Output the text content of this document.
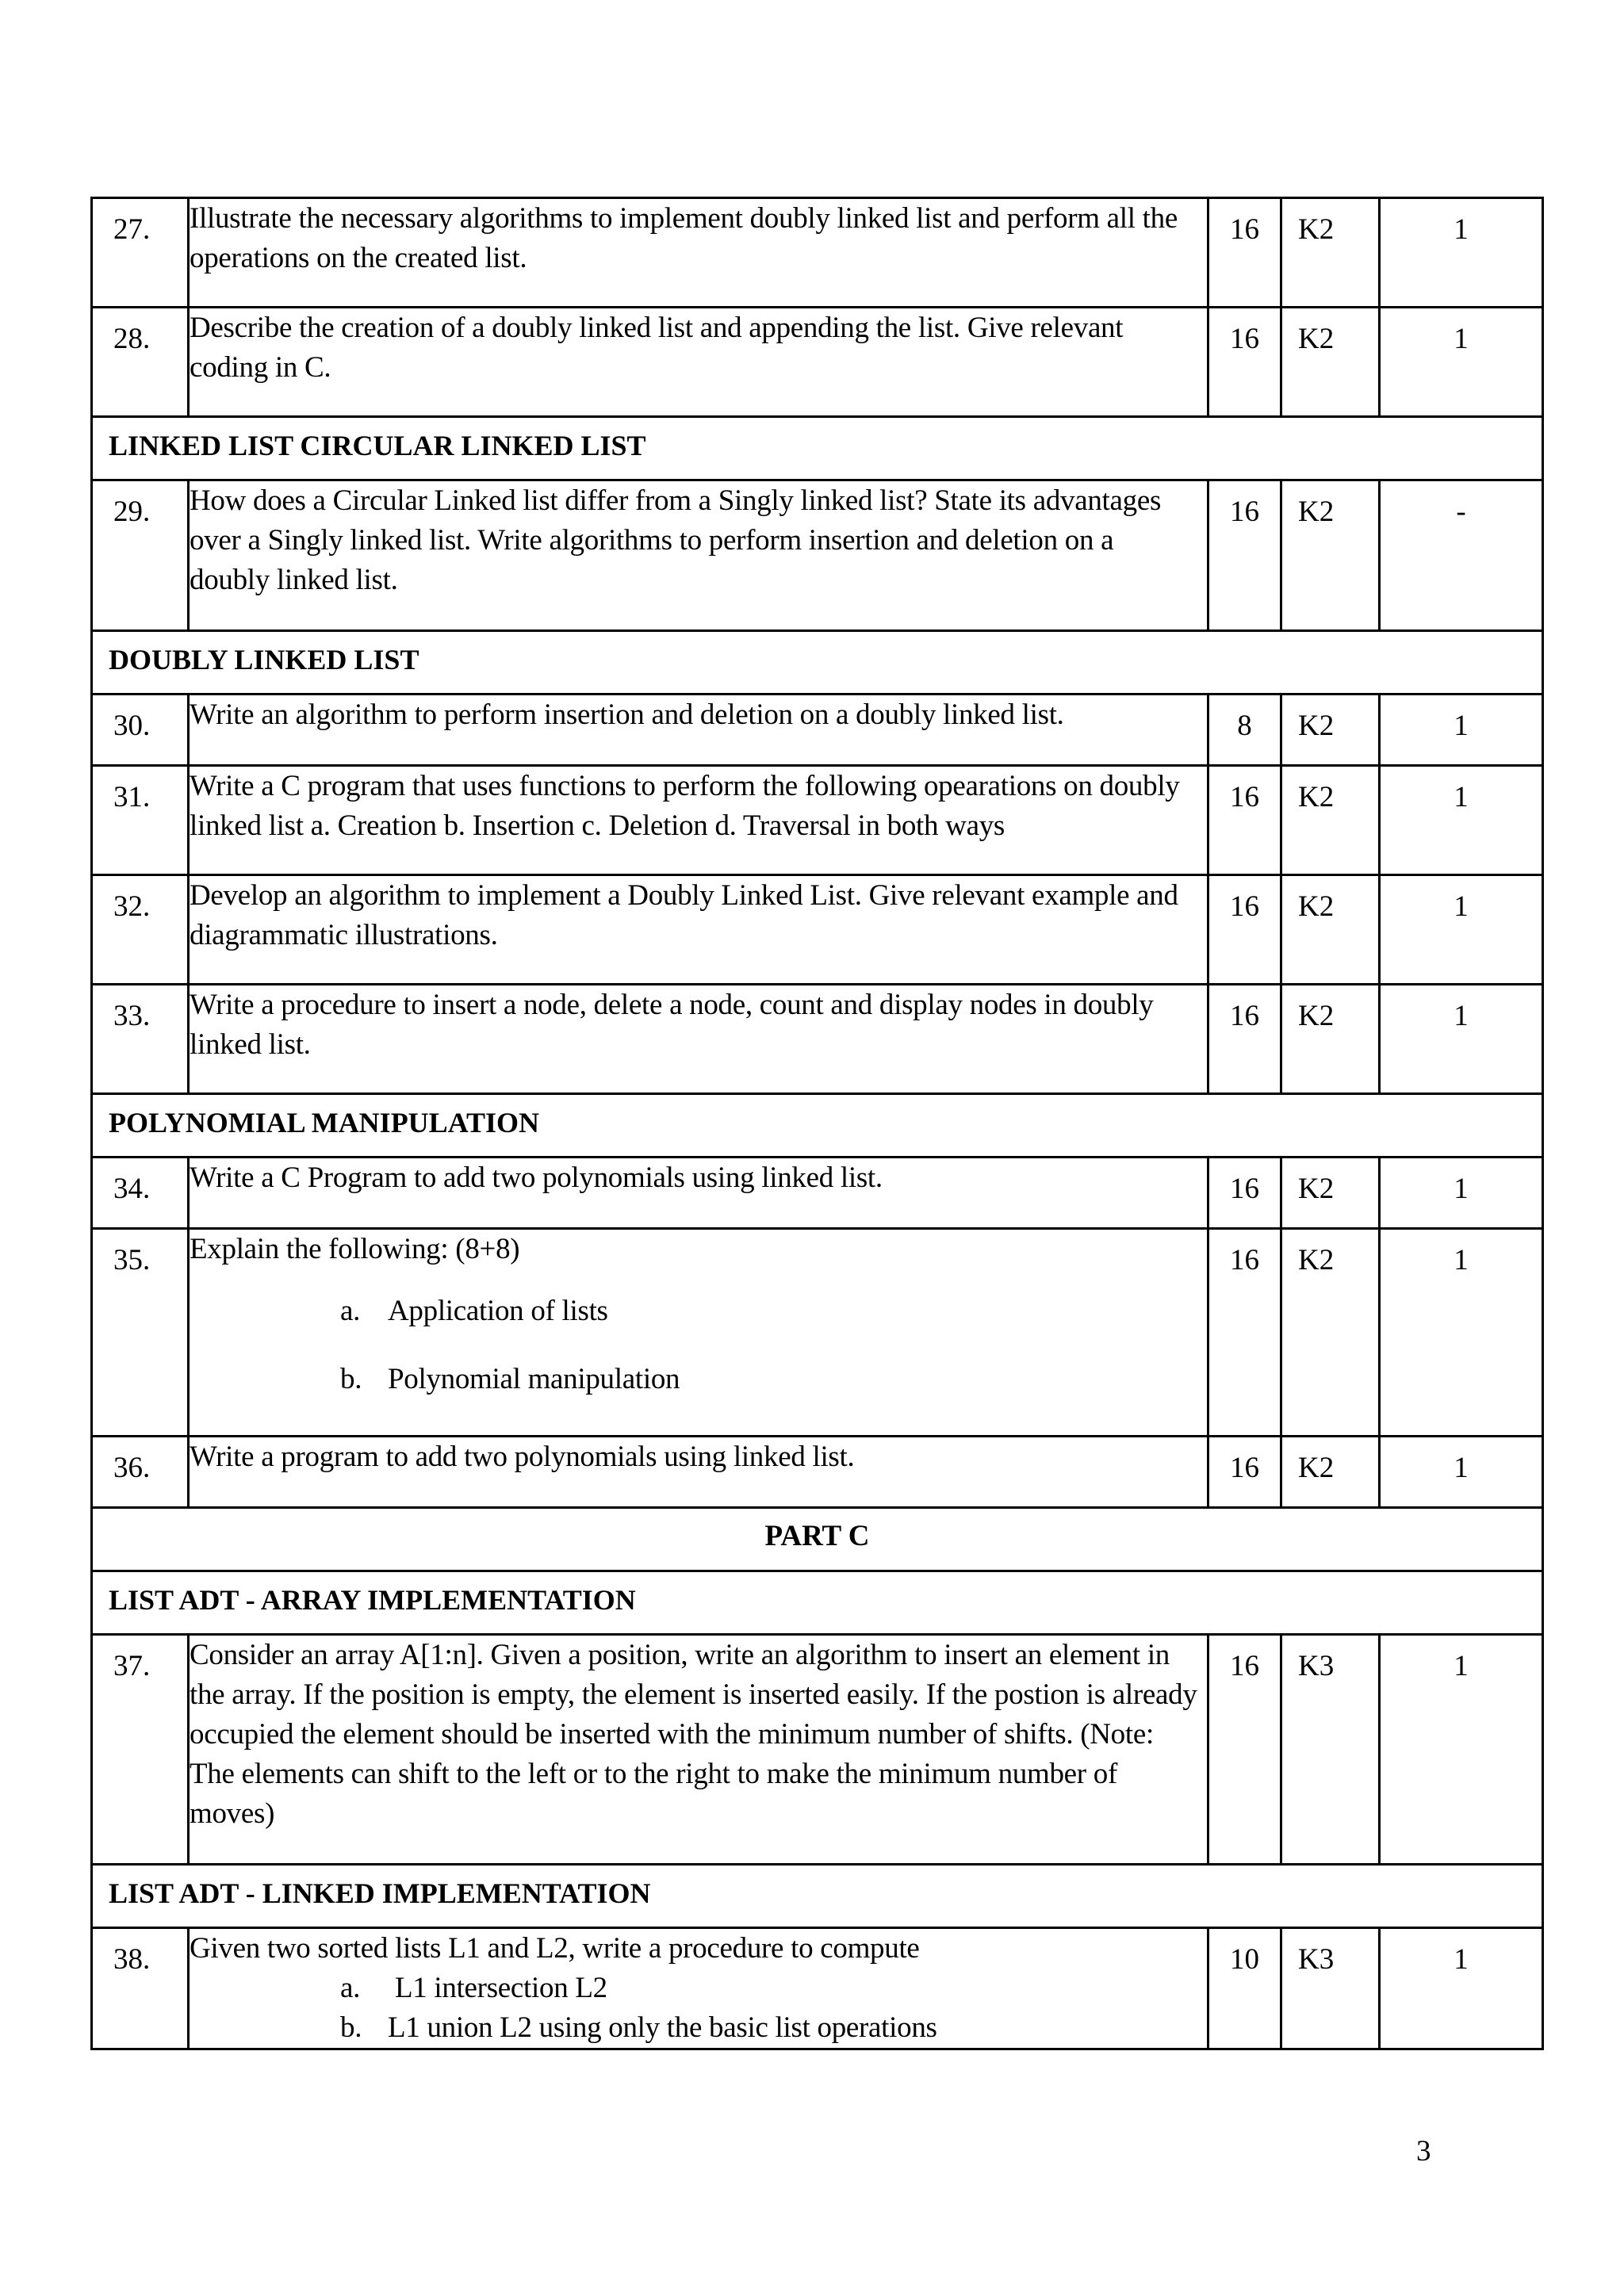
27.	Illustrate the necessary algorithms to implement doubly linked list and perform all the operations on the created list.	16	K2	1
28.	Describe the creation of a doubly linked list and appending the list. Give relevant coding in C.	16	K2	1
LINKED LIST CIRCULAR LINKED LIST				
29.	How does a Circular Linked list differ from a Singly linked list? State its advantages over a Singly linked list. Write algorithms to perform insertion and deletion on a doubly linked list.	16	K2	-
DOUBLY LINKED LIST				
30.	Write an algorithm to perform insertion and deletion on a doubly linked list.	8	K2	1
31.	Write a C program that uses functions to perform the following opearations on doubly linked list a. Creation b. Insertion c. Deletion d. Traversal in both ways	16	K2	1
32.	Develop an algorithm to implement a Doubly Linked List. Give relevant example and diagrammatic illustrations.	16	K2	1
33.	Write a procedure to insert a node, delete a node, count and display nodes in doubly linked list.	16	K2	1
POLYNOMIAL MANIPULATION				
34.	Write a C Program to add two polynomials using linked list.	16	K2	1
35.	Explain the following: (8+8)
a. Application of lists
b. Polynomial manipulation	16	K2	1
36.	Write a program to add two polynomials using linked list.	16	K2	1
PART C				
LIST ADT - ARRAY IMPLEMENTATION				
37.	Consider an array A[1:n]. Given a position, write an algorithm to insert an element in the array. If the position is empty, the element is inserted easily. If the postion is already occupied the element should be inserted with the minimum number of shifts. (Note: The elements can shift to the left or to the right to make the minimum number of moves)	16	K3	1
LIST ADT - LINKED IMPLEMENTATION				
38.	Given two sorted lists L1 and L2, write a procedure to compute
a. L1 intersection L2
b. L1 union L2 using only the basic list operations	10	K3	1
3
